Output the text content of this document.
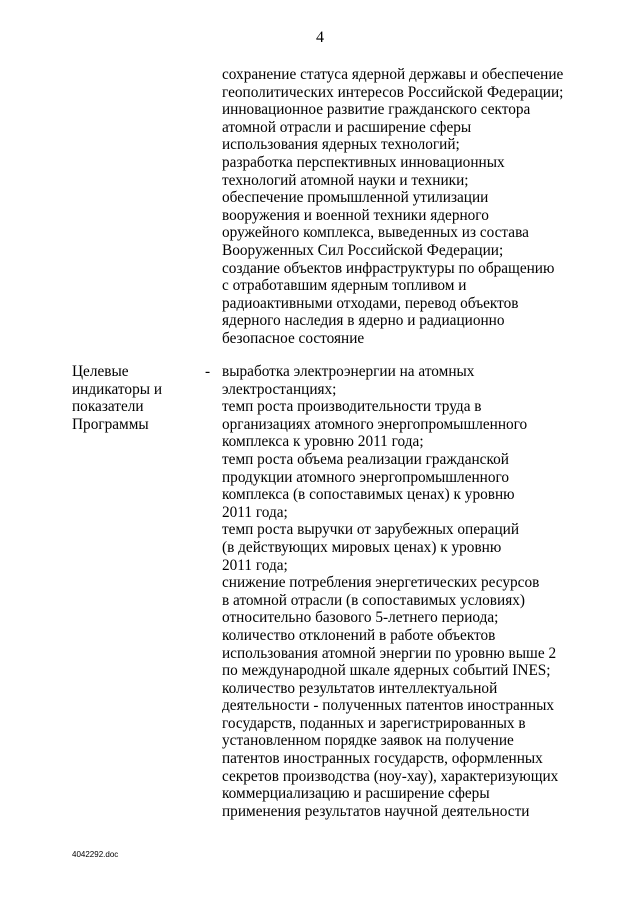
4
сохранение статуса ядерной державы и обеспечение
геополитических интересов Российской Федерации;
инновационное развитие гражданского сектора
атомной отрасли и расширение сферы
использования ядерных технологий;
разработка перспективных инновационных
технологий атомной науки и техники;
обеспечение промышленной утилизации
вооружения и военной техники ядерного
оружейного комплекса, выведенных из состава
Вооруженных Сил Российской Федерации;
создание объектов инфраструктуры по обращению
с отработавшим ядерным топливом и
радиоактивными отходами, перевод объектов
ядерного наследия в ядерно и радиационно
безопасное состояние
Целевые
индикаторы и
показатели
Программы
- выработка электроэнергии на атомных
электростанциях;
темп роста производительности труда в
организациях атомного энергопромышленного
комплекса к уровню 2011 года;
темп роста объема реализации гражданской
продукции атомного энергопромышленного
комплекса (в сопоставимых ценах) к уровню
2011 года;
темп роста выручки от зарубежных операций
(в действующих мировых ценах) к уровню
2011 года;
снижение потребления энергетических ресурсов
в атомной отрасли (в сопоставимых условиях)
относительно базового 5-летнего периода;
количество отклонений в работе объектов
использования атомной энергии по уровню выше 2
по международной шкале ядерных событий INES;
количество результатов интеллектуальной
деятельности - полученных патентов иностранных
государств, поданных и зарегистрированных в
установленном порядке заявок на получение
патентов иностранных государств, оформленных
секретов производства (ноу-хау), характеризующих
коммерциализацию и расширение сферы
применения результатов научной деятельности
4042292.doc
